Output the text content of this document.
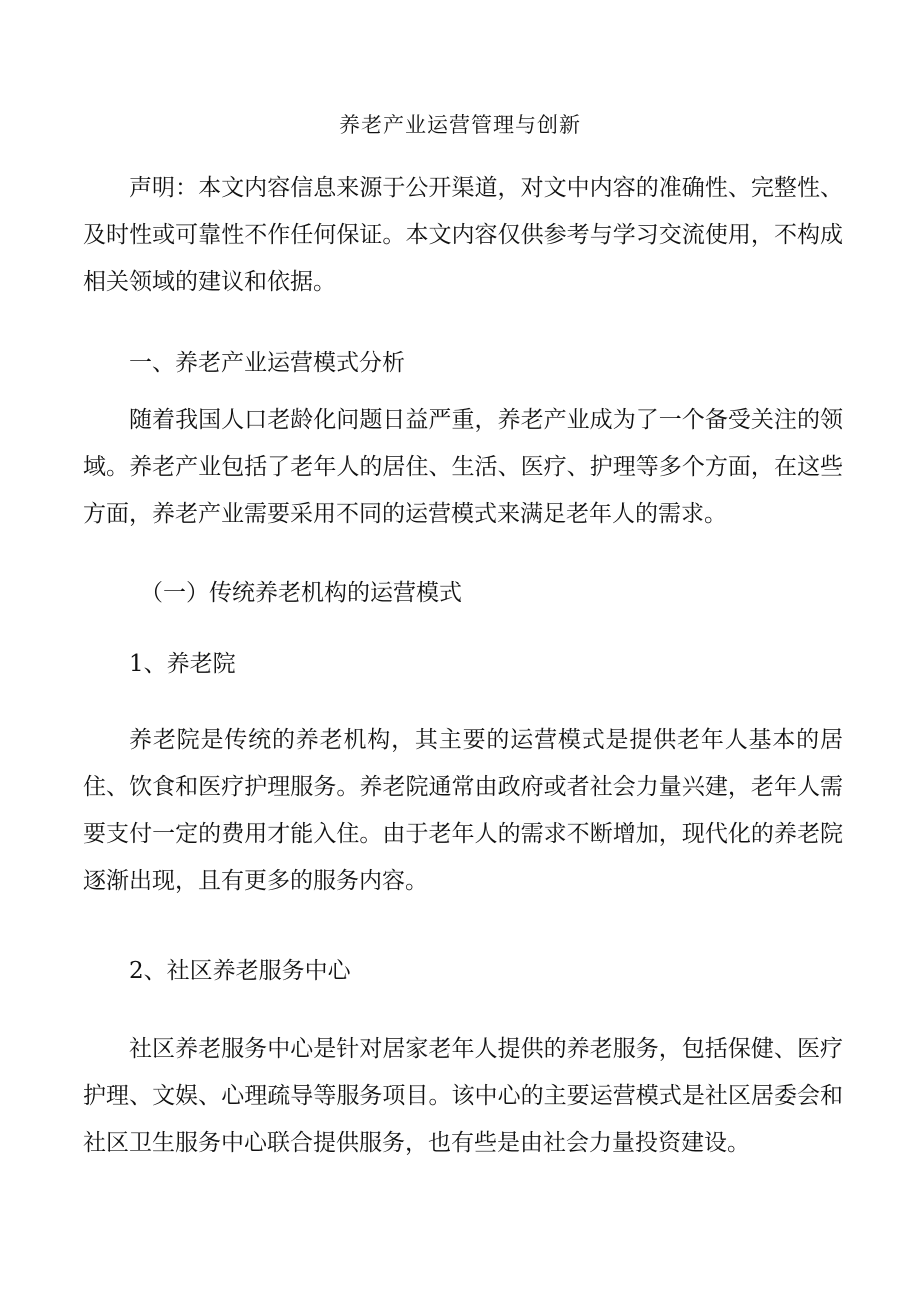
养老产业运营管理与创新

声明：本文内容信息来源于公开渠道，对文中内容的准确性、完整性、及时性或可靠性不作任何保证。本文内容仅供参考与学习交流使用，不构成相关领域的建议和依据。

一、养老产业运营模式分析

随着我国人口老龄化问题日益严重，养老产业成为了一个备受关注的领域。养老产业包括了老年人的居住、生活、医疗、护理等多个方面，在这些方面，养老产业需要采用不同的运营模式来满足老年人的需求。

（一）传统养老机构的运营模式

1、养老院

养老院是传统的养老机构，其主要的运营模式是提供老年人基本的居住、饮食和医疗护理服务。养老院通常由政府或者社会力量兴建，老年人需要支付一定的费用才能入住。由于老年人的需求不断增加，现代化的养老院逐渐出现，且有更多的服务内容。

2、社区养老服务中心

社区养老服务中心是针对居家老年人提供的养老服务，包括保健、医疗护理、文娱、心理疏导等服务项目。该中心的主要运营模式是社区居委会和社区卫生服务中心联合提供服务，也有些是由社会力量投资建设。
